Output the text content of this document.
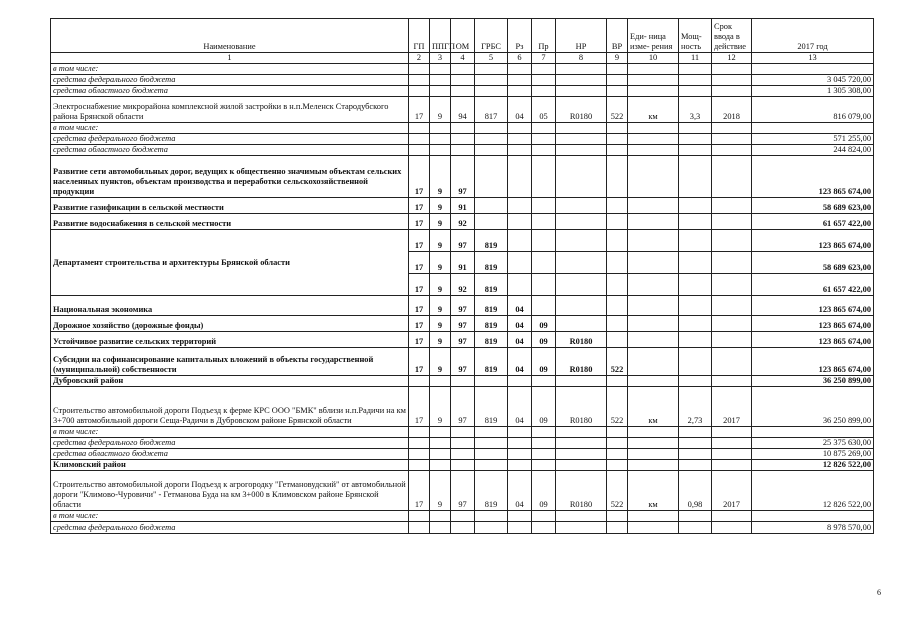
Наименование	ГП	ППГП	ОМ	ГРБС	Рз	Пр	НР	ВР	Еди- ница изме- рения	Мощ- ность	Срок ввода в действие	2017 год
1	2	3	4	5	6	7	8	9	10	11	12	13
в том числе:												
средства федерального бюджета												3 045 720,00
средства областного бюджета												1 305 308,00
Электроснабжение микрорайона комплексной жилой застройки в н.п.Меленск Стародубского района Брянской области	17	9	94	817	04	05	R0180	522	км	3,3	2018	816 079,00
в том числе:												
средства федерального бюджета												571 255,00
средства областного бюджета												244 824,00
Развитие сети автомобильных дорог, ведущих к общественно значимым объектам сельских населенных пунктов, объектам производства и переработки сельскохозяйственной продукции	17	9	97									123 865 674,00
Развитие газификации в сельской местности	17	9	91									58 689 623,00
Развитие водоснабжения в сельской местности	17	9	92									61 657 422,00
Департамент строительства и архитектуры Брянской области	17	9	97	819								123 865 674,00
	17	9	91	819								58 689 623,00
	17	9	92	819								61 657 422,00
Национальная экономика	17	9	97	819	04							123 865 674,00
Дорожное хозяйство (дорожные фонды)	17	9	97	819	04	09						123 865 674,00
Устойчивое развитие сельских территорий	17	9	97	819	04	09	R0180					123 865 674,00
Субсидии на софинансирование капитальных вложений в объекты государственной (муниципальной) собственности	17	9	97	819	04	09	R0180	522				123 865 674,00
Дубровский район												36 250 899,00
Строительство автомобильной дороги Подъезд к ферме КРС ООО "БМК" вблизи н.п.Радичи на км 3+700 автомобильной дороги Сеща-Радичи в Дубровском районе Брянской области	17	9	97	819	04	09	R0180	522	км	2,73	2017	36 250 899,00
в том числе:												
средства федерального бюджета												25 375 630,00
средства областного бюджета												10 875 269,00
Климовский район												12 826 522,00
Строительство автомобильной дороги Подъезд к агрогородку "Гетмановудский" от автомобильной дороги "Климово-Чуровичи" - Гетманова Буда на км 3+000 в Климовском районе Брянской области	17	9	97	819	04	09	R0180	522	км	0,98	2017	12 826 522,00
в том числе:												
средства федерального бюджета												8 978 570,00
6
